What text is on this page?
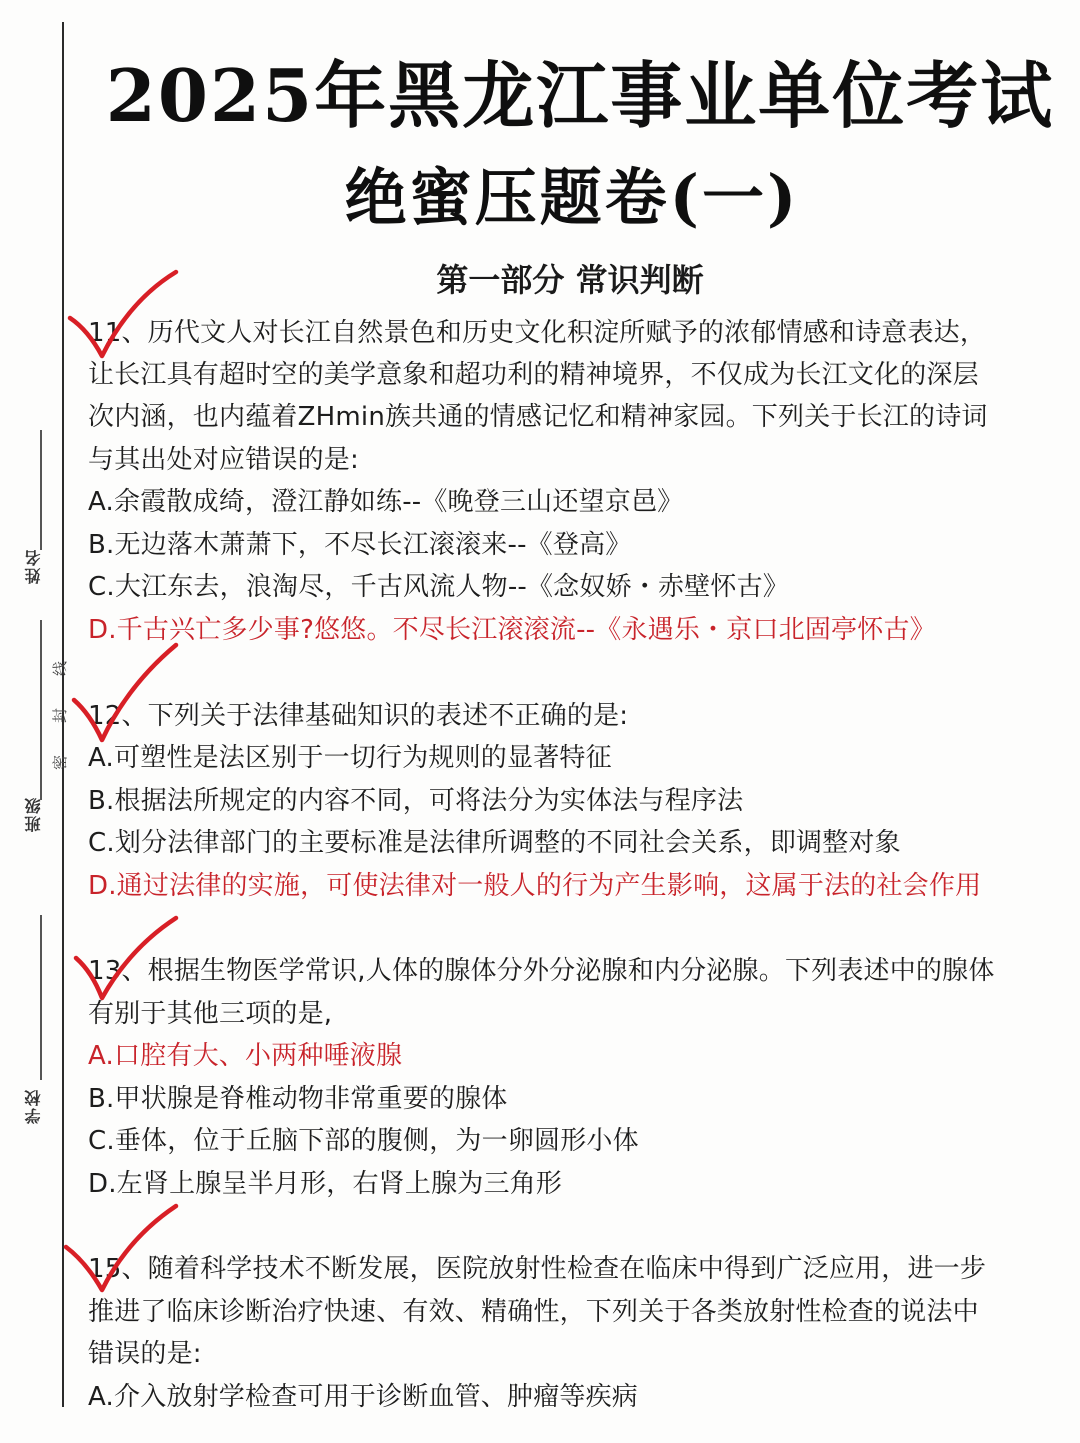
姓名
班级
学校
密
封
线
2025年黑龙江事业单位考试
绝蜜压题卷(一)
第一部分 常识判断
11、历代文人对长江自然景色和历史文化积淀所赋予的浓郁情感和诗意表达，
让长江具有超时空的美学意象和超功利的精神境界，不仅成为长江文化的深层
次内涵，也内蕴着ZHmin族共通的情感记忆和精神家园。下列关于长江的诗词
与其出处对应错误的是:
A.余霞散成绮，澄江静如练--《晚登三山还望京邑》
B.无边落木萧萧下，不尽长江滚滚来--《登高》
C.大江东去，浪淘尽，千古风流人物--《念奴娇・赤壁怀古》
D.千古兴亡多少事?悠悠。不尽长江滚滚流--《永遇乐・京口北固亭怀古》
12、下列关于法律基础知识的表述不正确的是:
A.可塑性是法区别于一切行为规则的显著特征
B.根据法所规定的内容不同，可将法分为实体法与程序法
C.划分法律部门的主要标准是法律所调整的不同社会关系，即调整对象
D.通过法律的实施，可使法律对一般人的行为产生影响，这属于法的社会作用
13、根据生物医学常识,人体的腺体分外分泌腺和内分泌腺。下列表述中的腺体
有别于其他三项的是,
A.口腔有大、小两种唾液腺
B.甲状腺是脊椎动物非常重要的腺体
C.垂体，位于丘脑下部的腹侧，为一卵圆形小体
D.左肾上腺呈半月形，右肾上腺为三角形
15、随着科学技术不断发展，医院放射性检查在临床中得到广泛应用，进一步
推进了临床诊断治疗快速、有效、精确性，下列关于各类放射性检查的说法中
错误的是:
A.介入放射学检查可用于诊断血管、肿瘤等疾病
